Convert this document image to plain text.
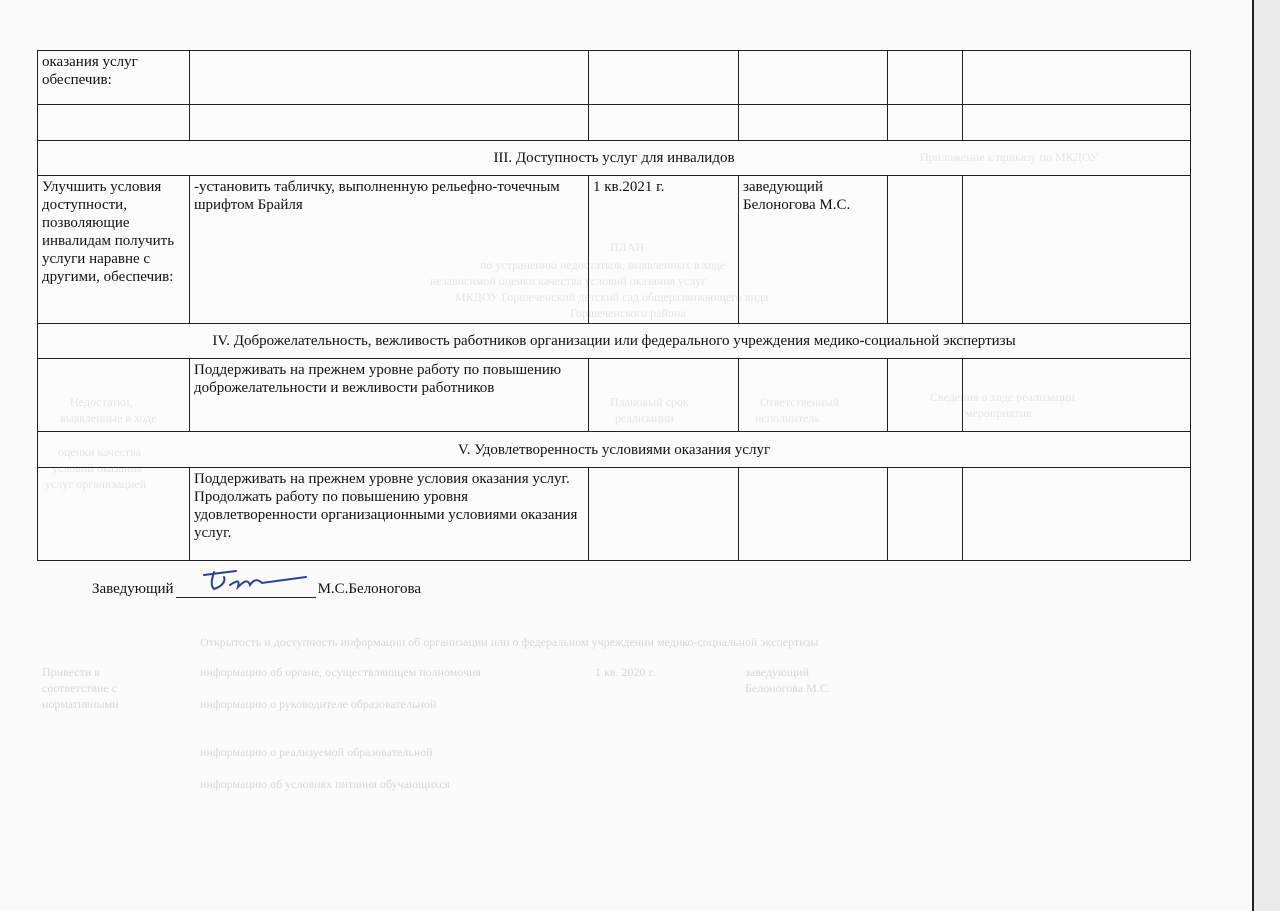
по устранению недостатков, выявленных в ходе
независимой оценки качества условий оказания услуг
МКДОУ Горшеченский детский сад общеразвивающего вида
Горшеченского района
Приложение к приказу по МКДОУ
ПЛАН
Недостатки,
выявленные в ходе
оценки качества
условий оказания
услуг организацией
Плановый срок
реализации
Ответственный
исполнитель
Сведения о ходе реализации
мероприятия
Открытость и доступность информации об организации или о федеральном учреждении медико-социальной экспертизы
Привести в
соответствие с
нормативными
информацию об органе, осуществляющем полномочия
информацию о руководителе образовательной
информацию о реализуемой образовательной
информацию об условиях питания обучающихся
1 кв. 2020 г.	заведующий
Белоногова М.С.
оказания услуг обеспечив:					

III. Доступность услуг для инвалидов					
Улучшить условия доступности, позволяющие инвалидам получить услуги наравне с другими, обеспечив:	-установить табличку, выполненную рельефно-точечным шрифтом Брайля	1 кв.2021 г.	заведующий Белоногова М.С.		
IV. Доброжелательность, вежливость работников организации или федерального учреждения медико-социальной экспертизы					
	Поддерживать на прежнем уровне работу по повышению доброжелательности и вежливости работников				
V. Удовлетворенность условиями оказания услуг					
	Поддерживать на прежнем уровне условия оказания услуг. Продолжать работу по повышению уровня удовлетворенности организационными условиями оказания услуг.				
Заведующий	М.С.Белоногова
